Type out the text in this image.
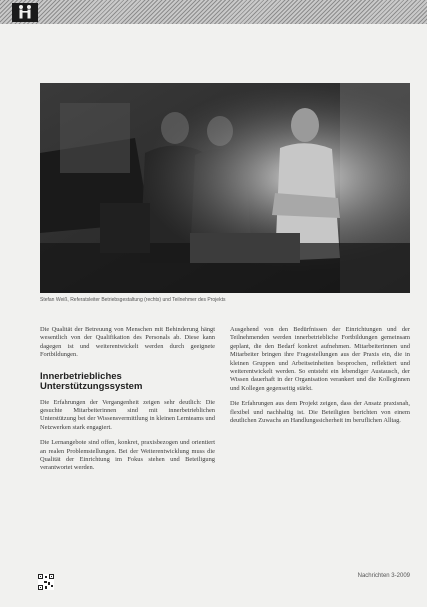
Stefan Weiß, Referatsleiter Betriebsgestaltung (rechts) und Teilnehmer des Projekts

Die Qualität der Betreuung von Menschen mit Behinderung hängt wesentlich von der Qualifikation des Personals ab. Diese kann dagegen ist und weiterentwickelt werden durch geeignete Fortbildungen.

Innerbetriebliches Unterstützungssystem

Die Erfahrungen der Vergangenheit zeigen sehr deutlich: Die gesuchte Mitarbeiterinnen sind mit innerbetrieblichen Unterstützung bei der Wissensvermittlung in kleinen Lernteams und Netzwerken stark engagiert.

Die Lernangebote sind offen, konkret, praxisbezogen und orientiert an realen Problemstellungen. Bei der Weiterentwicklung muss die Qualität der Einrichtung im Fokus stehen und Beteiligung verantwortet werden.

Ausgehend von den Bedürfnissen der Einrichtungen und der Teilnehmenden werden innerbetriebliche Fortbildungen gemeinsam geplant, die den Bedarf konkret aufnehmen. Mitarbeiterinnen und Mitarbeiter bringen ihre Fragestellungen aus der Praxis ein, die in kleinen Gruppen und Arbeitseinheiten besprochen, reflektiert und weiterentwickelt werden. So entsteht ein lebendiger Austausch, der Wissen dauerhaft in der Organisation verankert und die Kolleginnen und Kollegen gegenseitig stärkt.

Die Erfahrungen aus dem Projekt zeigen, dass der Ansatz praxisnah, flexibel und nachhaltig ist. Die Beteiligten berichten von einem deutlichen Zuwachs an Handlungssicherheit im beruflichen Alltag.

Nachrichten 3-2009
